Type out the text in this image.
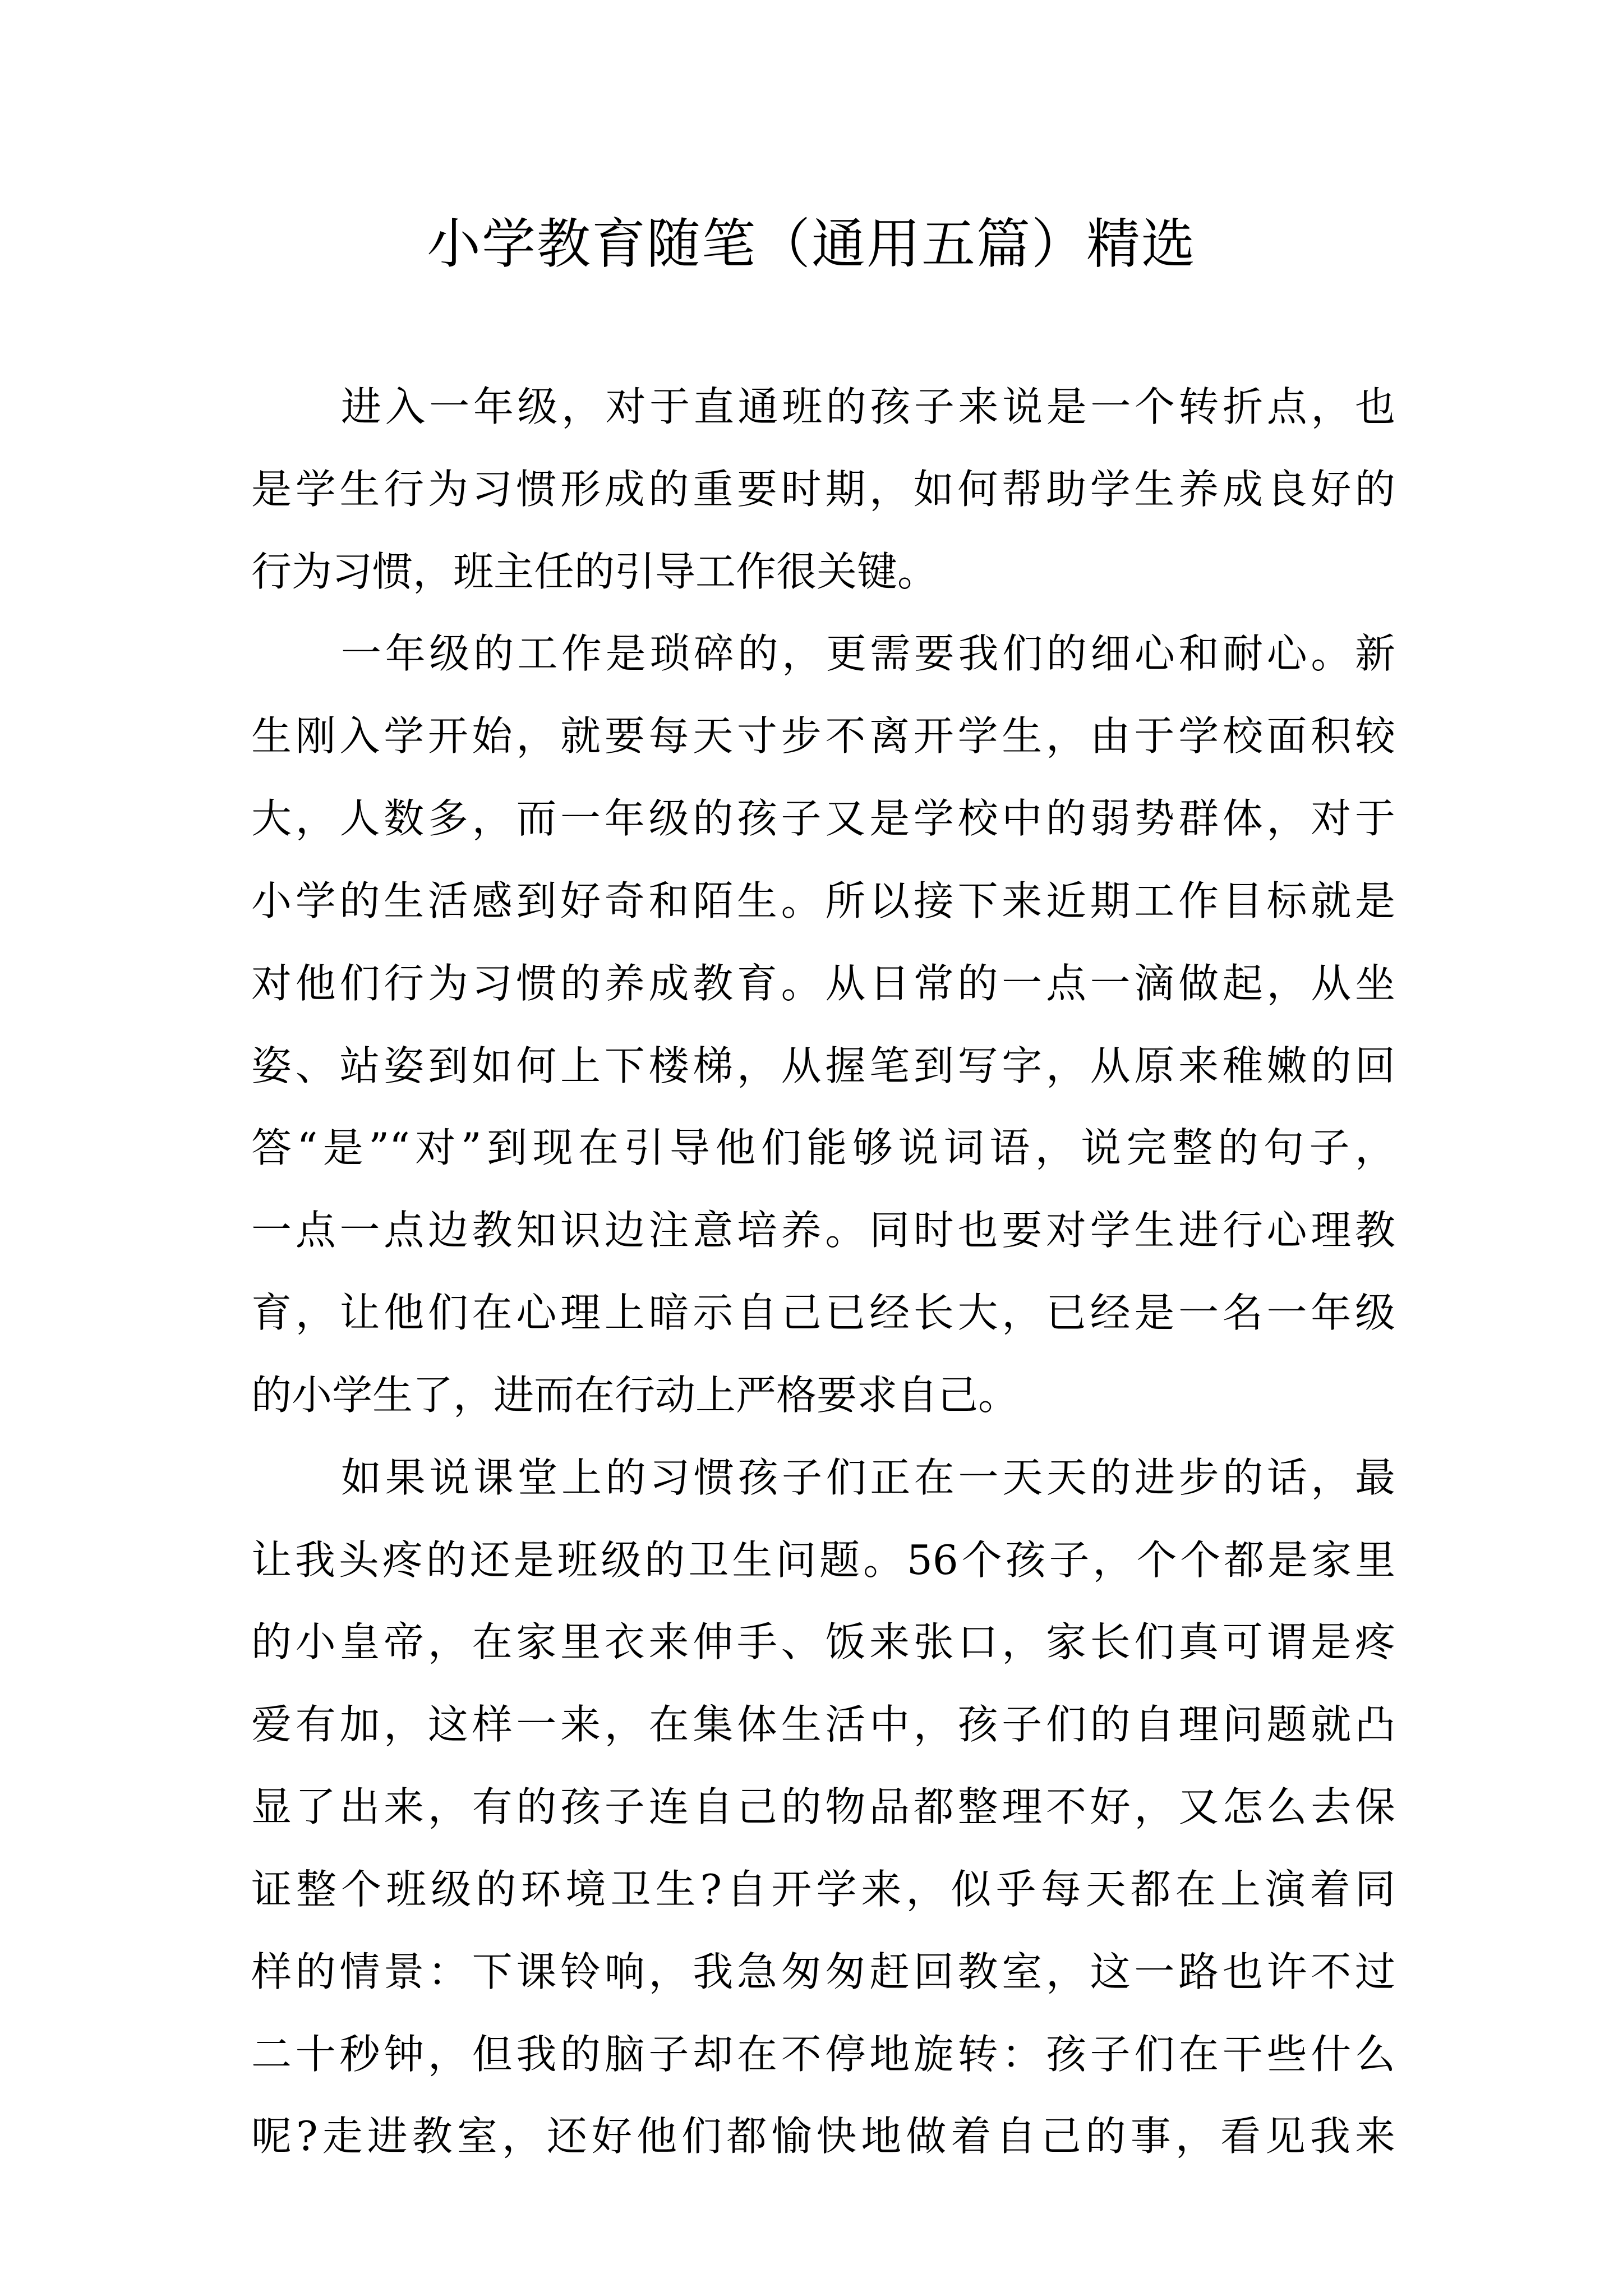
小学教育随笔（通用五篇）精选
进入一年级，对于直通班的孩子来说是一个转折点，也
是学生行为习惯形成的重要时期，如何帮助学生养成良好的
行为习惯，班主任的引导工作很关键。
一年级的工作是琐碎的，更需要我们的细心和耐心。新
生刚入学开始，就要每天寸步不离开学生，由于学校面积较
大，人数多，而一年级的孩子又是学校中的弱势群体，对于
小学的生活感到好奇和陌生。所以接下来近期工作目标就是
对他们行为习惯的养成教育。从日常的一点一滴做起，从坐
姿、站姿到如何上下楼梯，从握笔到写字，从原来稚嫩的回
答“是”“对”到现在引导他们能够说词语，说完整的句子，
一点一点边教知识边注意培养。同时也要对学生进行心理教
育，让他们在心理上暗示自己已经长大，已经是一名一年级
的小学生了，进而在行动上严格要求自己。
如果说课堂上的习惯孩子们正在一天天的进步的话，最
让我头疼的还是班级的卫生问题。56个孩子，个个都是家里
的小皇帝，在家里衣来伸手、饭来张口，家长们真可谓是疼
爱有加，这样一来，在集体生活中，孩子们的自理问题就凸
显了出来，有的孩子连自己的物品都整理不好，又怎么去保
证整个班级的环境卫生?自开学来，似乎每天都在上演着同
样的情景：下课铃响，我急匆匆赶回教室，这一路也许不过
二十秒钟，但我的脑子却在不停地旋转：孩子们在干些什么
呢?走进教室，还好他们都愉快地做着自己的事，看见我来
